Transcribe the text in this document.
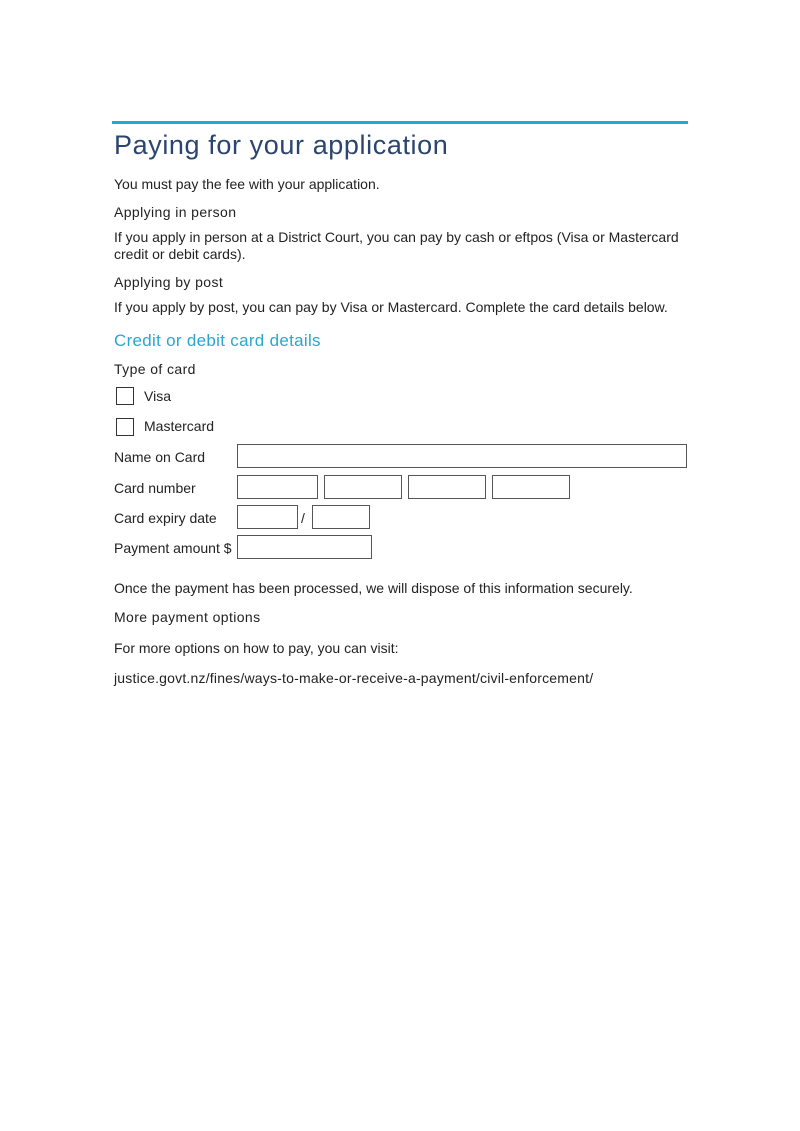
Paying for your application
You must pay the fee with your application.
Applying in person
If you apply in person at a District Court, you can pay by cash or eftpos (Visa or Mastercard
credit or debit cards).
Applying by post
If you apply by post, you can pay by Visa or Mastercard. Complete the card details below.
Credit or debit card details
Type of card
Visa
Mastercard
Name on Card
Card number
Card expiry date	/
Payment amount $
Once the payment has been processed, we will dispose of this information securely.
More payment options
For more options on how to pay, you can visit:
justice.govt.nz/fines/ways-to-make-or-receive-a-payment/civil-enforcement/
